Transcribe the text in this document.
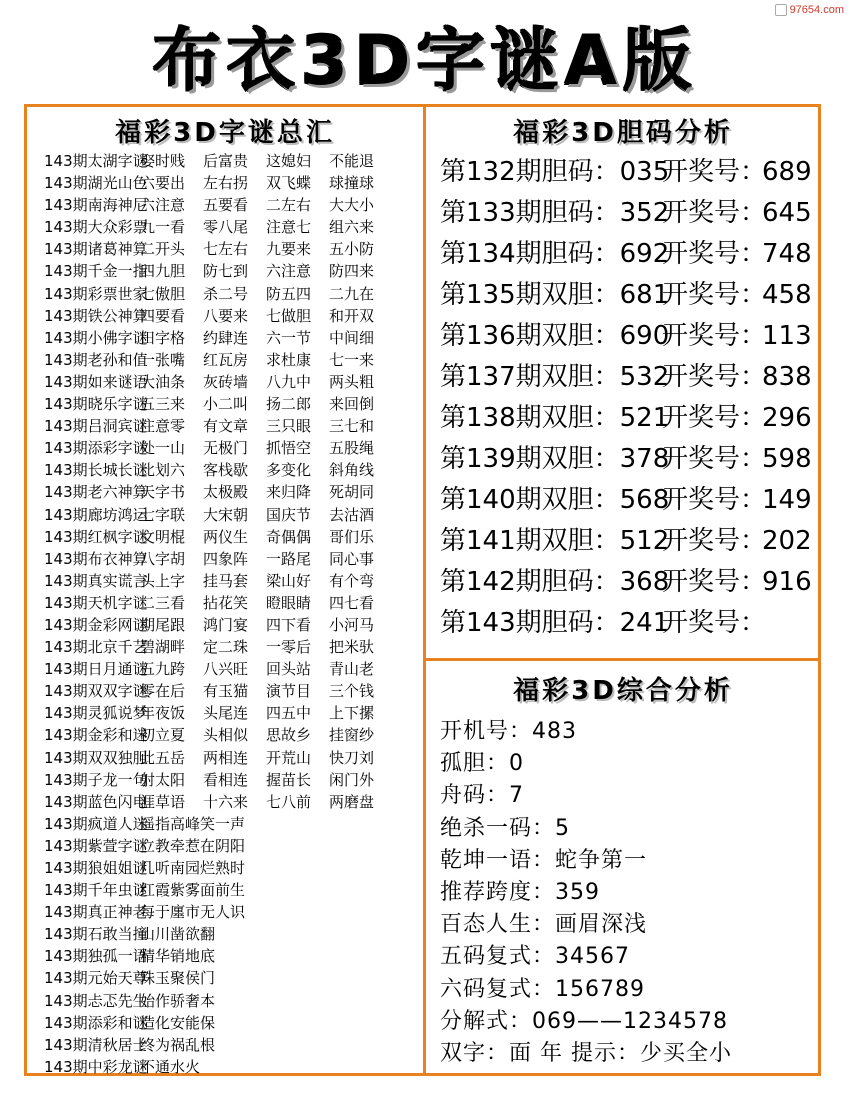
97654.com
布衣3D字谜A版
福彩3D字谜总汇
143期太湖字谜娶时贱 后富贵 这媳妇 不能退
143期湖光山色六要出 左右拐 双飞蝶 球撞球
143期南海神尼六注意 五要看 二左右 大大小
143期大众彩票九一看 零八尾 注意七 组六来
143期诸葛神算二开头 七左右 九要来 五小防
143期千金一指四九胆 防七到 六注意 防四来
143期彩票世家七傲胆 杀二号 防五四 二九在
143期铁公神算四要看 八要来 七做胆 和开双
143期小佛字谜田字格 约肆连 六一节 中间细
143期老孙和值一张嘴 红瓦房 求杜康 七一来
143期如来谜语大油条 灰砖墙 八九中 两头粗
143期晓乐字谜五三来 小二叫 扬二郎 来回倒
143期吕洞宾谜注意零 有文章 三只眼 三七和
143期添彩字谜处一山 无极门 抓悟空 五股绳
143期长城长谜比划六 客栈歇 多变化 斜角线
143期老六神算天字书 太极殿 来归降 死胡同
143期廊坊鸿运七字联 大宋朝 国庆节 去沽酒
143期红枫字谜文明棍 两仪生 奇偶偶 哥们乐
143期布衣神算八字胡 四象阵 一路尾 同心事
143期真实谎言头上字 挂马套 梁山好 有个弯
143期天机字谜二三看 拈花笑 瞪眼睛 四七看
143期金彩网谜期尾跟 鸿门宴 四下看 小河马
143期北京千艺碧湖畔 定二珠 一零后 把米驮
143期日月通谜五九跨 八兴旺 回头站 青山老
143期双双字谜零在后 有玉猫 演节目 三个钱
143期灵狐说梦年夜饭 头尾连 四五中 上下摞
143期金彩和迷初立夏 头相似 思故乡 挂窗纱
143期双双独胆此五岳 两相连 开荒山 快刀刘
143期子龙一句射太阳 看相连 握苗长 闲门外
143期蓝色闪电涯草语 十六来 七八前 两磨盘
143期疯道人迷遥指高峰笑一声
143期紫萱字谜立教牵惹在阴阳
143期狼姐姐谜几听南园烂熟时
143期千年虫谜红霞紫雾面前生
143期真正神老每于廛市无人识
143期石敢当撞山川凿欲翻
143期独孤一语精华销地底
143期元始天尊珠玉聚侯门
143期忐忑先生始作骄奢本
143期添彩和谜造化安能保
143期清秋居士终为祸乱根
143期中彩龙谜不通水火
福彩3D胆码分析
第132期胆码：035开奖号：689
第133期胆码：352开奖号：645
第134期胆码：692开奖号：748
第135期双胆：681开奖号：458
第136期双胆：690开奖号：113
第137期双胆：532开奖号：838
第138期双胆：521开奖号：296
第139期双胆：378开奖号：598
第140期双胆：568开奖号：149
第141期双胆：512开奖号：202
第142期胆码：368开奖号：916
第143期胆码：241开奖号：
福彩3D综合分析
开机号：483
孤胆：0
舟码：7
绝杀一码：5
乾坤一语：蛇争第一
推荐跨度：359
百态人生：画眉深浅
五码复式：34567
六码复式：156789
分解式：069——1234578
双字：面 年 提示：少买全小
